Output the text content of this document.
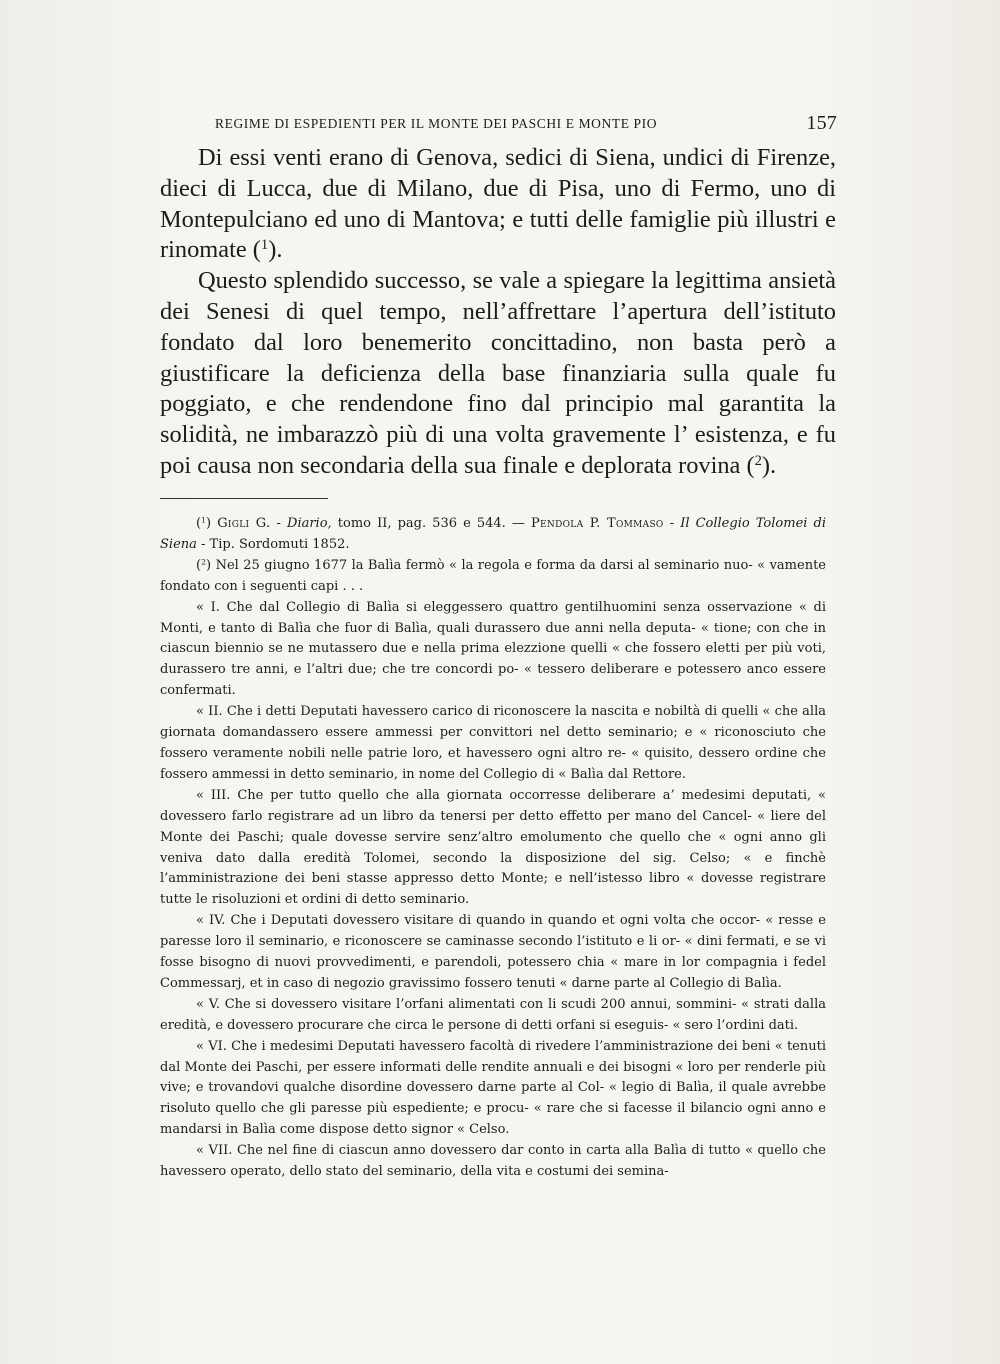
REGIME DI ESPEDIENTI PER IL MONTE DEI PASCHI E MONTE PIO	157

Di essi venti erano di Genova, sedici di Siena, undici di Firenze, dieci di Lucca, due di Milano, due di Pisa, uno di Fermo, uno di Montepulciano ed uno di Mantova; e tutti delle famiglie più illustri e rinomate ($^1$).

Questo splendido successo, se vale a spiegare la legittima ansietà dei Senesi di quel tempo, nell’affrettare l’apertura dell’istituto fondato dal loro benemerito concittadino, non basta però a giustificare la deficienza della base finanziaria sulla quale fu poggiato, e che rendendone fino dal principio mal garantita la solidità, ne imbarazzò più di una volta gravemente l’ esistenza, e fu poi causa non secondaria della sua finale e deplorata rovina ($^2$).

($^1$) Gigli G. - Diario, tomo II, pag. 536 e 544. — Pendola P. Tommaso - Il Collegio Tolomei di Siena - Tip. Sordomuti 1852.

($^2$) Nel 25 giugno 1677 la Balìa fermò « la regola e forma da darsi al seminario nuo- « vamente fondato con i seguenti capi . . .

« I. Che dal Collegio di Balìa si eleggessero quattro gentilhuomini senza osservazione « di Monti, e tanto di Balìa che fuor di Balìa, quali durassero due anni nella deputa- « tione; con che in ciascun biennio se ne mutassero due e nella prima elezzione quelli « che fossero eletti per più voti, durassero tre anni, e l’altri due; che tre concordi po- « tessero deliberare e potessero anco essere confermati.

« II. Che i detti Deputati havessero carico di riconoscere la nascita e nobiltà di quelli « che alla giornata domandassero essere ammessi per convittori nel detto seminario; e « riconosciuto che fossero veramente nobili nelle patrie loro, et havessero ogni altro re- « quisito, dessero ordine che fossero ammessi in detto seminario, in nome del Collegio di « Balìa dal Rettore.

« III. Che per tutto quello che alla giornata occorresse deliberare a’ medesimi deputati, « dovessero farlo registrare ad un libro da tenersi per detto effetto per mano del Cancel- « liere del Monte dei Paschi; quale dovesse servire senz’altro emolumento che quello che « ogni anno gli veniva dato dalla eredità Tolomei, secondo la disposizione del sig. Celso; « e finchè l’amministrazione dei beni stasse appresso detto Monte; e nell’istesso libro « dovesse registrare tutte le risoluzioni et ordini di detto seminario.

« IV. Che i Deputati dovessero visitare di quando in quando et ogni volta che occor- « resse e paresse loro il seminario, e riconoscere se caminasse secondo l’istituto e li or- « dini fermati, e se vi fosse bisogno di nuovi provvedimenti, e parendoli, potessero chia « mare in lor compagnia i fedel Commessarj, et in caso di negozio gravissimo fossero tenuti « darne parte al Collegio di Balìa.

« V. Che si dovessero visitare l’orfani alimentati con li scudi 200 annui, sommini- « strati dalla eredità, e dovessero procurare che circa le persone di detti orfani si eseguis- « sero l’ordini dati.

« VI. Che i medesimi Deputati havessero facoltà di rivedere l’amministrazione dei beni « tenuti dal Monte dei Paschi, per essere informati delle rendite annuali e dei bisogni « loro per renderle più vive; e trovandovi qualche disordine dovessero darne parte al Col- « legio di Balìa, il quale avrebbe risoluto quello che gli paresse più espediente; e procu- « rare che si facesse il bilancio ogni anno e mandarsi in Balìa come dispose detto signor « Celso.

« VII. Che nel fine di ciascun anno dovessero dar conto in carta alla Balìa di tutto « quello che havessero operato, dello stato del seminario, della vita e costumi dei semina-
